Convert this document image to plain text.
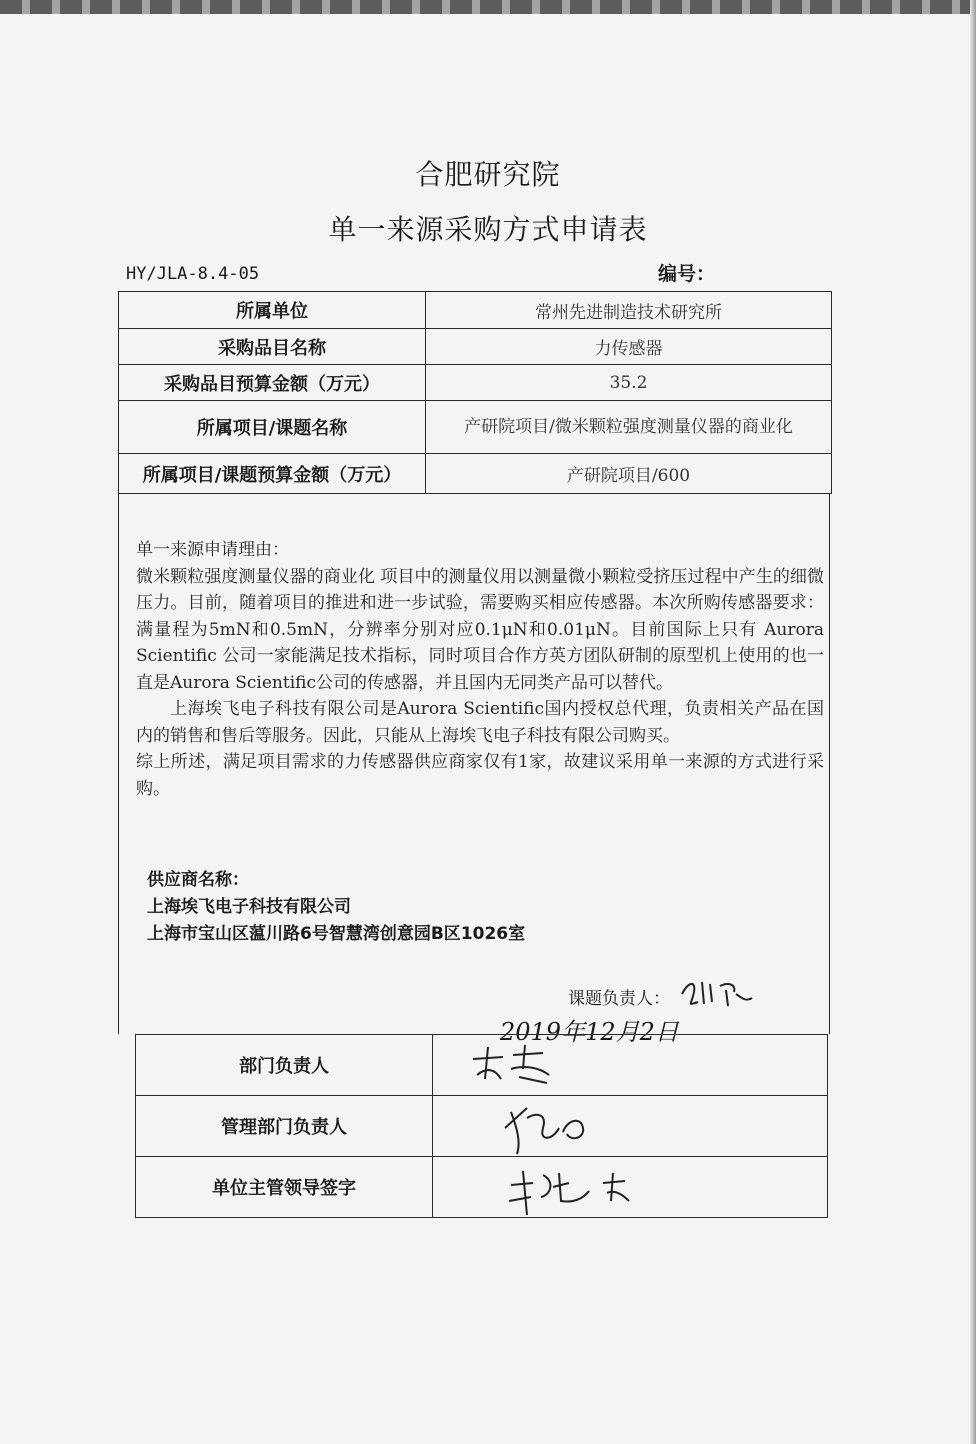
合肥研究院
单一来源采购方式申请表
HY/JLA-8.4-05	编号：
所属单位	常州先进制造技术研究所
采购品目名称	力传感器
采购品目预算金额（万元）	35.2
所属项目/课题名称	产研院项目/微米颗粒强度测量仪器的商业化
所属项目/课题预算金额（万元）	产研院项目/600

单一来源申请理由：

微米颗粒强度测量仪器的商业化 项目中的测量仪用以测量微小颗粒受挤压过程中产生的细微压力。目前，随着项目的推进和进一步试验，需要购买相应传感器。本次所购传感器要求：满量程为5mN和0.5mN，分辨率分别对应0.1μN和0.01μN。目前国际上只有 Aurora Scientific 公司一家能满足技术指标，同时项目合作方英方团队研制的原型机上使用的也一直是Aurora Scientific公司的传感器，并且国内无同类产品可以替代。

上海埃飞电子科技有限公司是Aurora Scientific国内授权总代理，负责相关产品在国内的销售和售后等服务。因此，只能从上海埃飞电子科技有限公司购买。

综上所述，满足项目需求的力传感器供应商家仅有1家，故建议采用单一来源的方式进行采购。

供应商名称：
上海埃飞电子科技有限公司
上海市宝山区蕰川路6号智慧湾创意园B区1026室
课题负责人：
2019年12月2日
部门负责人	

管理部门负责人	

单位主管领导签字	
